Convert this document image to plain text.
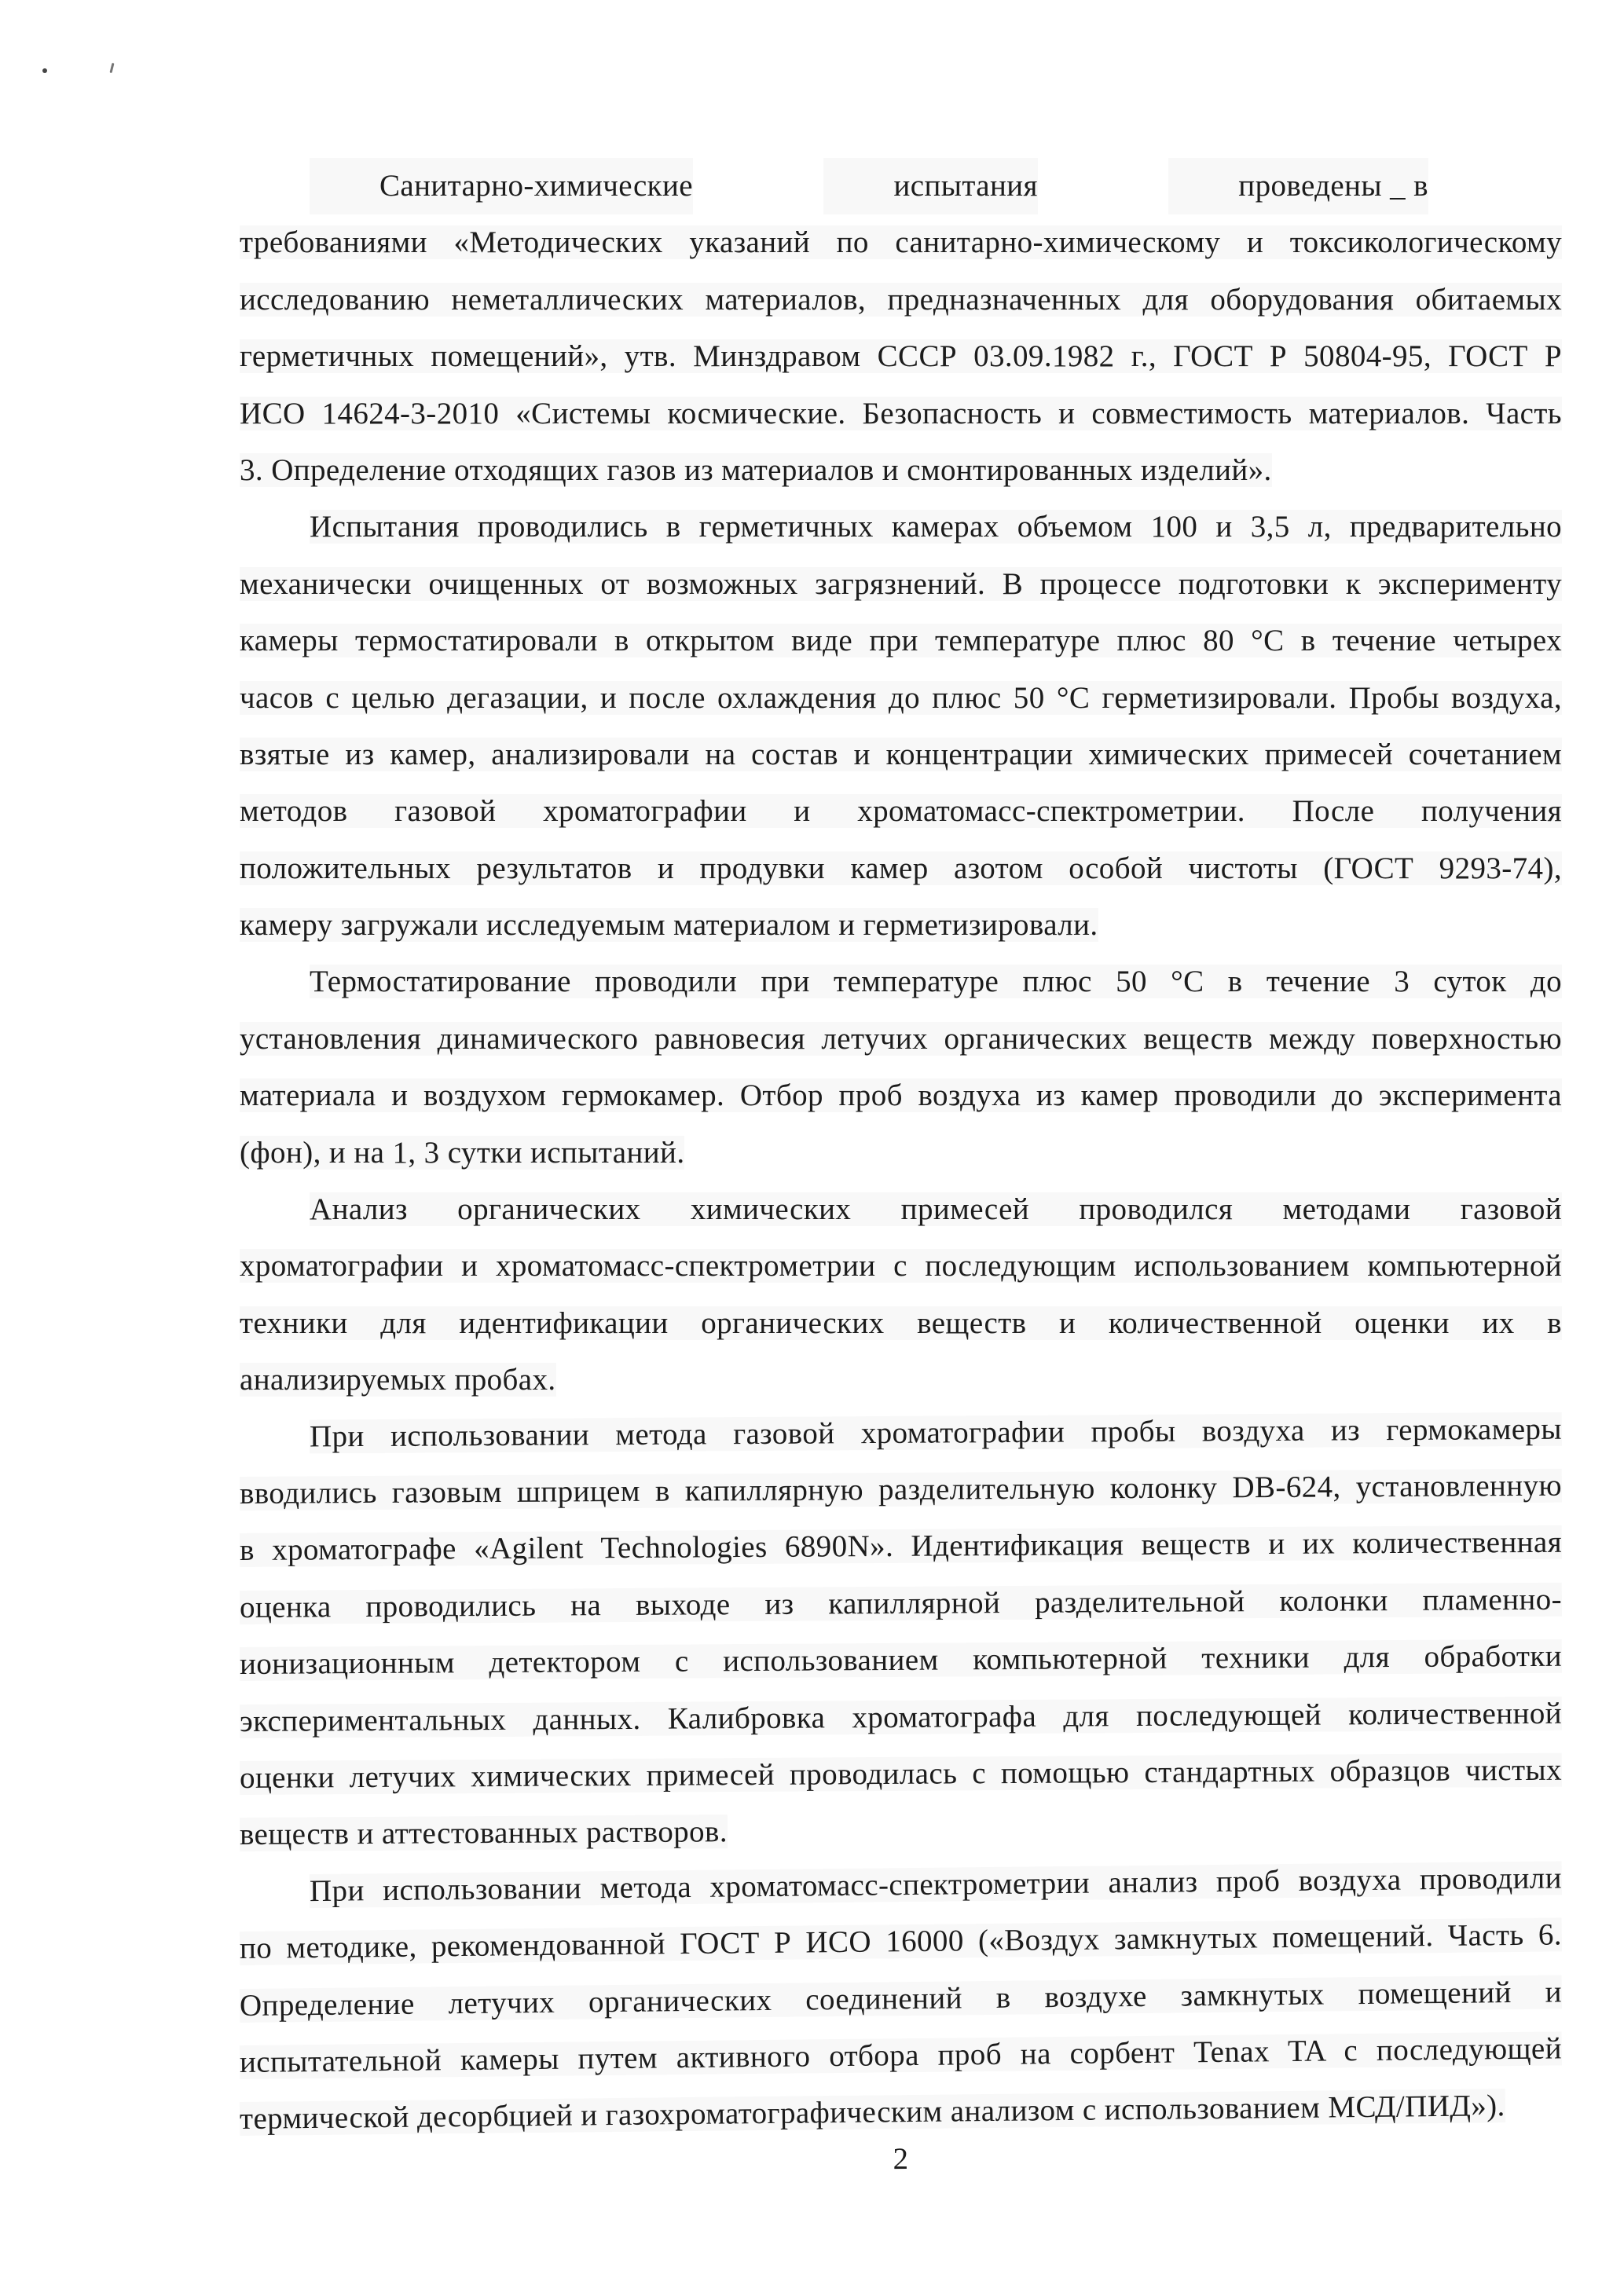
Санитарно-химические	испытания	проведены _ в
требованиями «Методических указаний по санитарно-химическому и токсикологическому
исследованию неметаллических материалов, предназначенных для оборудования обитаемых
герметичных помещений», утв. Минздравом СССР 03.09.1982 г., ГОСТ Р 50804-95, ГОСТ Р
ИСО 14624-3-2010 «Системы космические. Безопасность и совместимость материалов. Часть
3. Определение отходящих газов из материалов и смонтированных изделий».
Испытания проводились в герметичных камерах объемом 100 и 3,5 л, предварительно
механически очищенных от возможных загрязнений. В процессе подготовки к эксперименту
камеры термостатировали в открытом виде при температуре плюс 80 °С в течение четырех
часов с целью дегазации, и после охлаждения до плюс 50 °С герметизировали. Пробы воздуха,
взятые из камер, анализировали на состав и концентрации химических примесей сочетанием
методов газовой хроматографии и хроматомасс-спектрометрии. После получения
положительных результатов и продувки камер азотом особой чистоты (ГОСТ 9293-74),
камеру загружали исследуемым материалом и герметизировали.
Термостатирование проводили при температуре плюс 50 °С в течение 3 суток до
установления динамического равновесия летучих органических веществ между поверхностью
материала и воздухом гермокамер. Отбор проб воздуха из камер проводили до эксперимента
(фон), и на 1, 3 сутки испытаний.
Анализ органических химических примесей проводился методами газовой
хроматографии и хроматомасс-спектрометрии с последующим использованием компьютерной
техники для идентификации органических веществ и количественной оценки их в
анализируемых пробах.
При использовании метода газовой хроматографии пробы воздуха из гермокамеры
вводились газовым шприцем в капиллярную разделительную колонку DB-624, установленную
в хроматографе «Agilent Technologies 6890N». Идентификация веществ и их количественная
оценка проводились на выходе из капиллярной разделительной колонки пламенно-
ионизационным детектором с использованием компьютерной техники для обработки
экспериментальных данных. Калибровка хроматографа для последующей количественной
оценки летучих химических примесей проводилась с помощью стандартных образцов чистых
веществ и аттестованных растворов.
При использовании метода хроматомасс-спектрометрии анализ проб воздуха проводили
по методике, рекомендованной ГОСТ Р ИСО 16000 («Воздух замкнутых помещений. Часть 6.
Определение летучих органических соединений в воздухе замкнутых помещений и
испытательной камеры путем активного отбора проб на сорбент Tenax TA с последующей
термической десорбцией и газохроматографическим анализом с использованием МСД/ПИД»).
2
